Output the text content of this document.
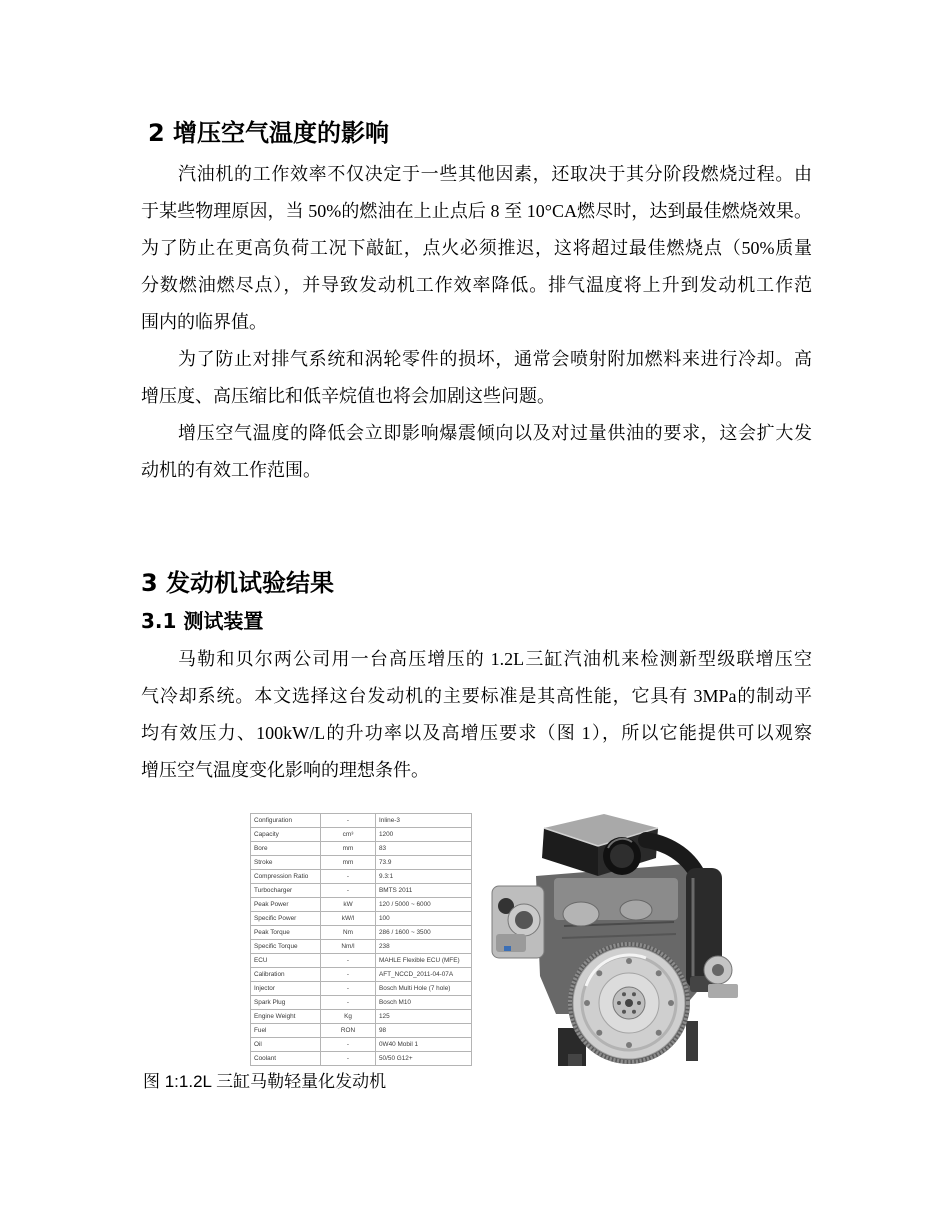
2 增压空气温度的影响
汽油机的工作效率不仅决定于一些其他因素，还取决于其分阶段燃烧过程。由
于某些物理原因，当 50%的燃油在上止点后 8 至 10°CA燃尽时，达到最佳燃烧效果。
为了防止在更高负荷工况下敲缸，点火必须推迟，这将超过最佳燃烧点（50%质量
分数燃油燃尽点），并导致发动机工作效率降低。排气温度将上升到发动机工作范
围内的临界值。
为了防止对排气系统和涡轮零件的损坏，通常会喷射附加燃料来进行冷却。高
增压度、高压缩比和低辛烷值也将会加剧这些问题。
增压空气温度的降低会立即影响爆震倾向以及对过量供油的要求，这会扩大发
动机的有效工作范围。
3 发动机试验结果
3.1 测试装置
马勒和贝尔两公司用一台高压增压的 1.2L三缸汽油机来检测新型级联增压空
气冷却系统。本文选择这台发动机的主要标准是其高性能，它具有 3MPa的制动平
均有效压力、100kW/L的升功率以及高增压要求（图 1），所以它能提供可以观察
增压空气温度变化影响的理想条件。
Configuration	-	Inline-3
Capacity	cm³	1200
Bore	mm	83
Stroke	mm	73.9
Compression Ratio	-	9.3:1
Turbocharger	-	BMTS 2011
Peak Power	kW	120 / 5000 ~ 6000
Specific Power	kW/l	100
Peak Torque	Nm	286 / 1600 ~ 3500
Specific Torque	Nm/l	238
ECU	-	MAHLE Flexible ECU (MFE)
Calibration	-	AFT_NCCD_2011-04-07A
Injector	-	Bosch Multi Hole (7 hole)
Spark Plug	-	Bosch M10
Engine Weight	Kg	125
Fuel	RON	98
Oil	-	0W40 Mobil 1
Coolant	-	50/50 G12+
图 1:1.2L 三缸马勒轻量化发动机
